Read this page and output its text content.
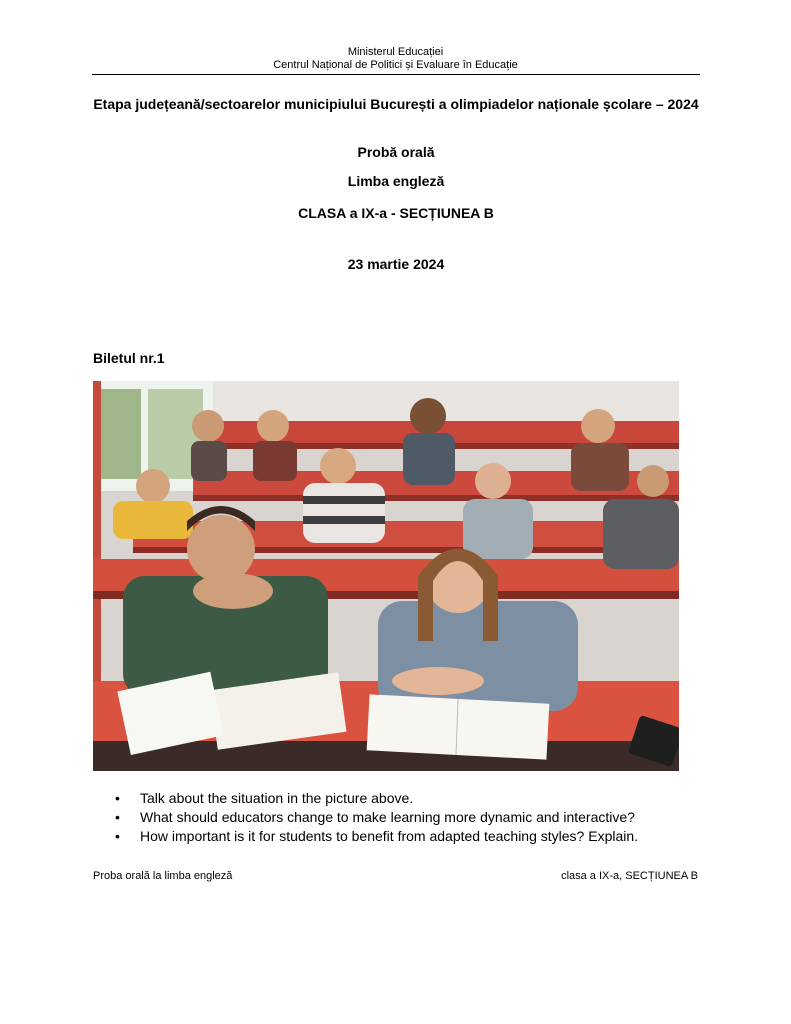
Ministerul Educației
Centrul Național de Politici și Evaluare în Educație
Etapa județeană/sectoarelor municipiului București a olimpiadelor naționale școlare – 2024
Probă orală
Limba engleză
CLASA a IX-a - SECȚIUNEA B
23 martie 2024
Biletul nr.1
• Talk about the situation in the picture above.
• What should educators change to make learning more dynamic and interactive?
• How important is it for students to benefit from adapted teaching styles? Explain.
Proba orală la limba engleză	clasa a IX-a, SECȚIUNEA B
